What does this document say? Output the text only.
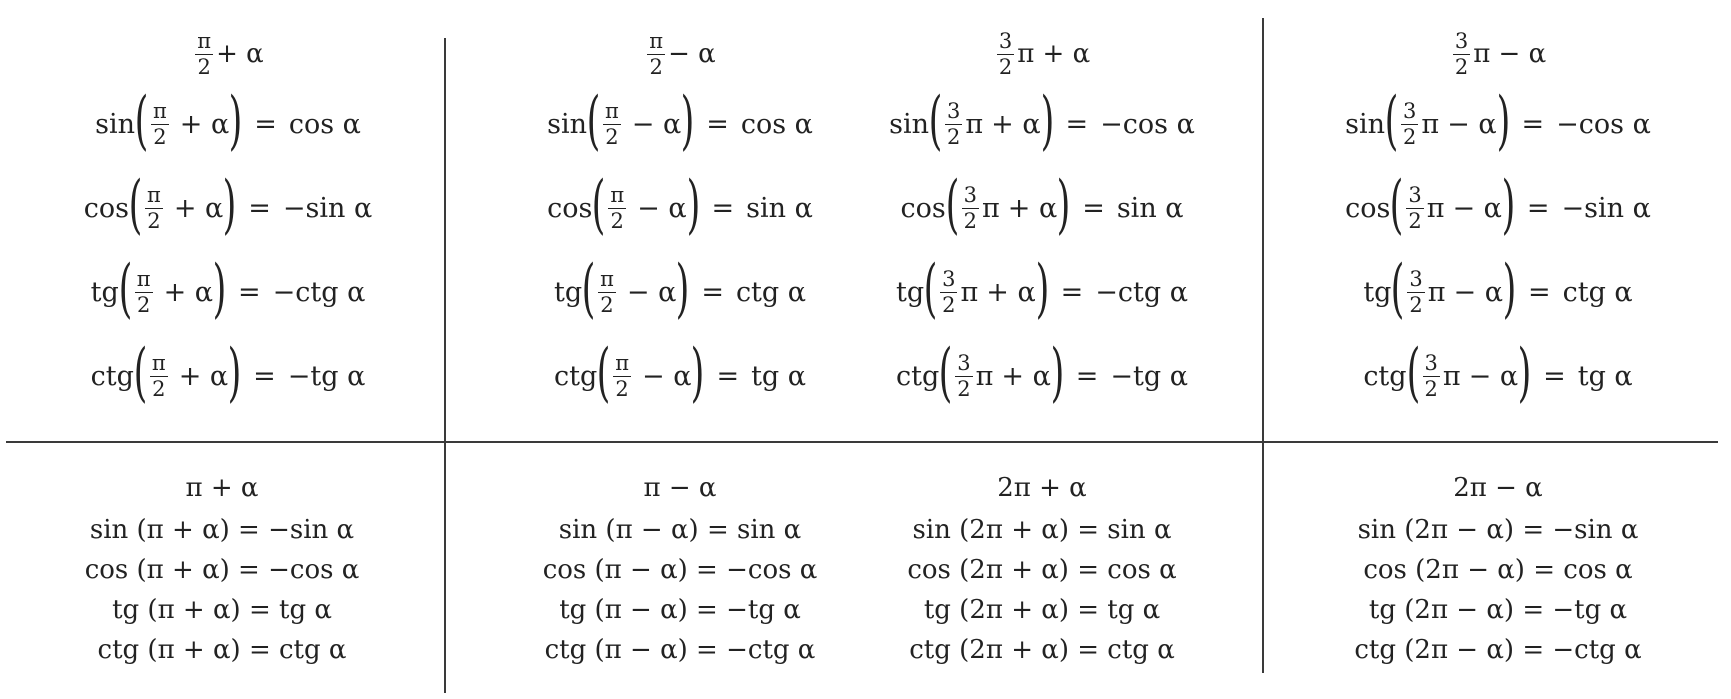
$\frac{\pi}{2} + \alpha$
sin ( $\frac{\pi}{2} + \alpha$ ) = cos α
cos ( $\frac{\pi}{2} + \alpha$ ) = −sin α
tg ( $\frac{\pi}{2} + \alpha$ ) = −ctg α
ctg ( $\frac{\pi}{2} + \alpha$ ) = −tg α
$\frac{\pi}{2} - \alpha$
sin ( $\frac{\pi}{2} - \alpha$ ) = cos α
cos ( $\frac{\pi}{2} - \alpha$ ) = sin α
tg ( $\frac{\pi}{2} - \alpha$ ) = ctg α
ctg ( $\frac{\pi}{2} - \alpha$ ) = tg α
$\frac{3}{2}$ π + α
sin ( $\frac{3}{2}$ π + α ) = −cos α
cos ( $\frac{3}{2}$ π + α ) = sin α
tg ( $\frac{3}{2}$ π + α ) = −ctg α
ctg ( $\frac{3}{2}$ π + α ) = −tg α
$\frac{3}{2}$ π − α
sin ( $\frac{3}{2}$ π − α ) = −cos α
cos ( $\frac{3}{2}$ π − α ) = −sin α
tg ( $\frac{3}{2}$ π − α ) = ctg α
ctg ( $\frac{3}{2}$ π − α ) = tg α
π + α
sin (π + α) = −sin α
cos (π + α) = −cos α
tg (π + α) = tg α
ctg (π + α) = ctg α
π − α
sin (π − α) = sin α
cos (π − α) = −cos α
tg (π − α) = −tg α
ctg (π − α) = −ctg α
2π + α
sin (2π + α) = sin α
cos (2π + α) = cos α
tg (2π + α) = tg α
ctg (2π + α) = ctg α
2π − α
sin (2π − α) = −sin α
cos (2π − α) = cos α
tg (2π − α) = −tg α
ctg (2π − α) = −ctg α
